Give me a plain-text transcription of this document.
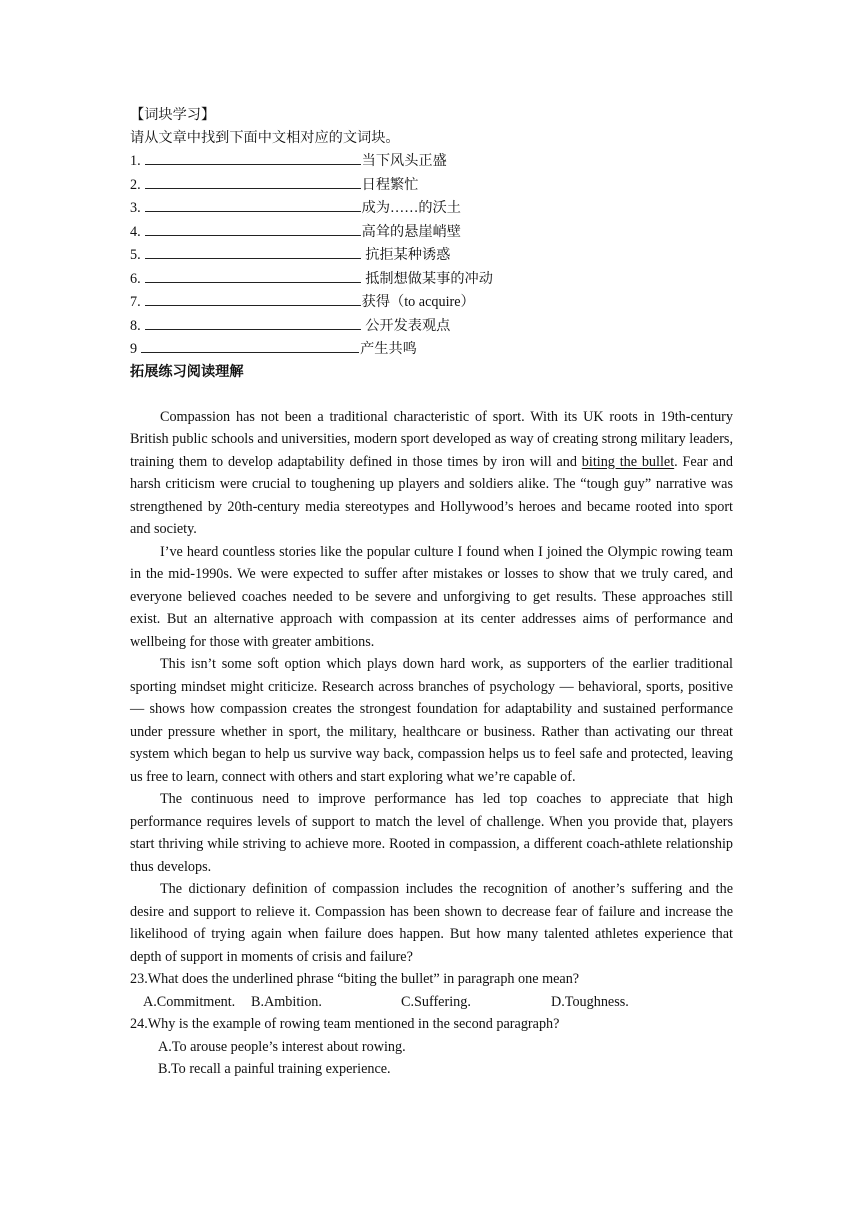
【词块学习】
请从文章中找到下面中文相对应的文词块。
1.	当下风头正盛
2.	日程繁忙
3.	成为……的沃土
4.	高耸的悬崖峭壁
5.	抗拒某种诱惑
6.	抵制想做某事的冲动
7.	获得（to acquire）
8.	公开发表观点
9	产生共鸣
拓展练习阅读理解

Compassion has not been a traditional characteristic of sport. With its UK roots in 19th-century British public schools and universities, modern sport developed as way of creating strong military leaders, training them to develop adaptability defined in those times by iron will and biting the bullet. Fear and harsh criticism were crucial to toughening up players and soldiers alike. The “tough guy” narrative was strengthened by 20th-century media stereotypes and Hollywood’s heroes and became rooted into sport and society.

I’ve heard countless stories like the popular culture I found when I joined the Olympic rowing team in the mid-1990s. We were expected to suffer after mistakes or losses to show that we truly cared, and everyone believed coaches needed to be severe and unforgiving to get results. These approaches still exist. But an alternative approach with compassion at its center addresses aims of performance and wellbeing for those with greater ambitions.

This isn’t some soft option which plays down hard work, as supporters of the earlier traditional sporting mindset might criticize. Research across branches of psychology — behavioral, sports, positive — shows how compassion creates the strongest foundation for adaptability and sustained performance under pressure whether in sport, the military, healthcare or business. Rather than activating our threat system which began to help us survive way back, compassion helps us to feel safe and protected, leaving us free to learn, connect with others and start exploring what we’re capable of.

The continuous need to improve performance has led top coaches to appreciate that high performance requires levels of support to match the level of challenge. When you provide that, players start thriving while striving to achieve more. Rooted in compassion, a different coach-athlete relationship thus develops.

The dictionary definition of compassion includes the recognition of another’s suffering and the desire and support to relieve it. Compassion has been shown to decrease fear of failure and increase the likelihood of trying again when failure does happen. But how many talented athletes experience that depth of support in moments of crisis and failure?

23.What does the underlined phrase “biting the bullet” in paragraph one mean?

A.Commitment.	B.Ambition.	C.Suffering.	D.Toughness.

24.Why is the example of rowing team mentioned in the second paragraph?

A.To arouse people’s interest about rowing.

B.To recall a painful training experience.
